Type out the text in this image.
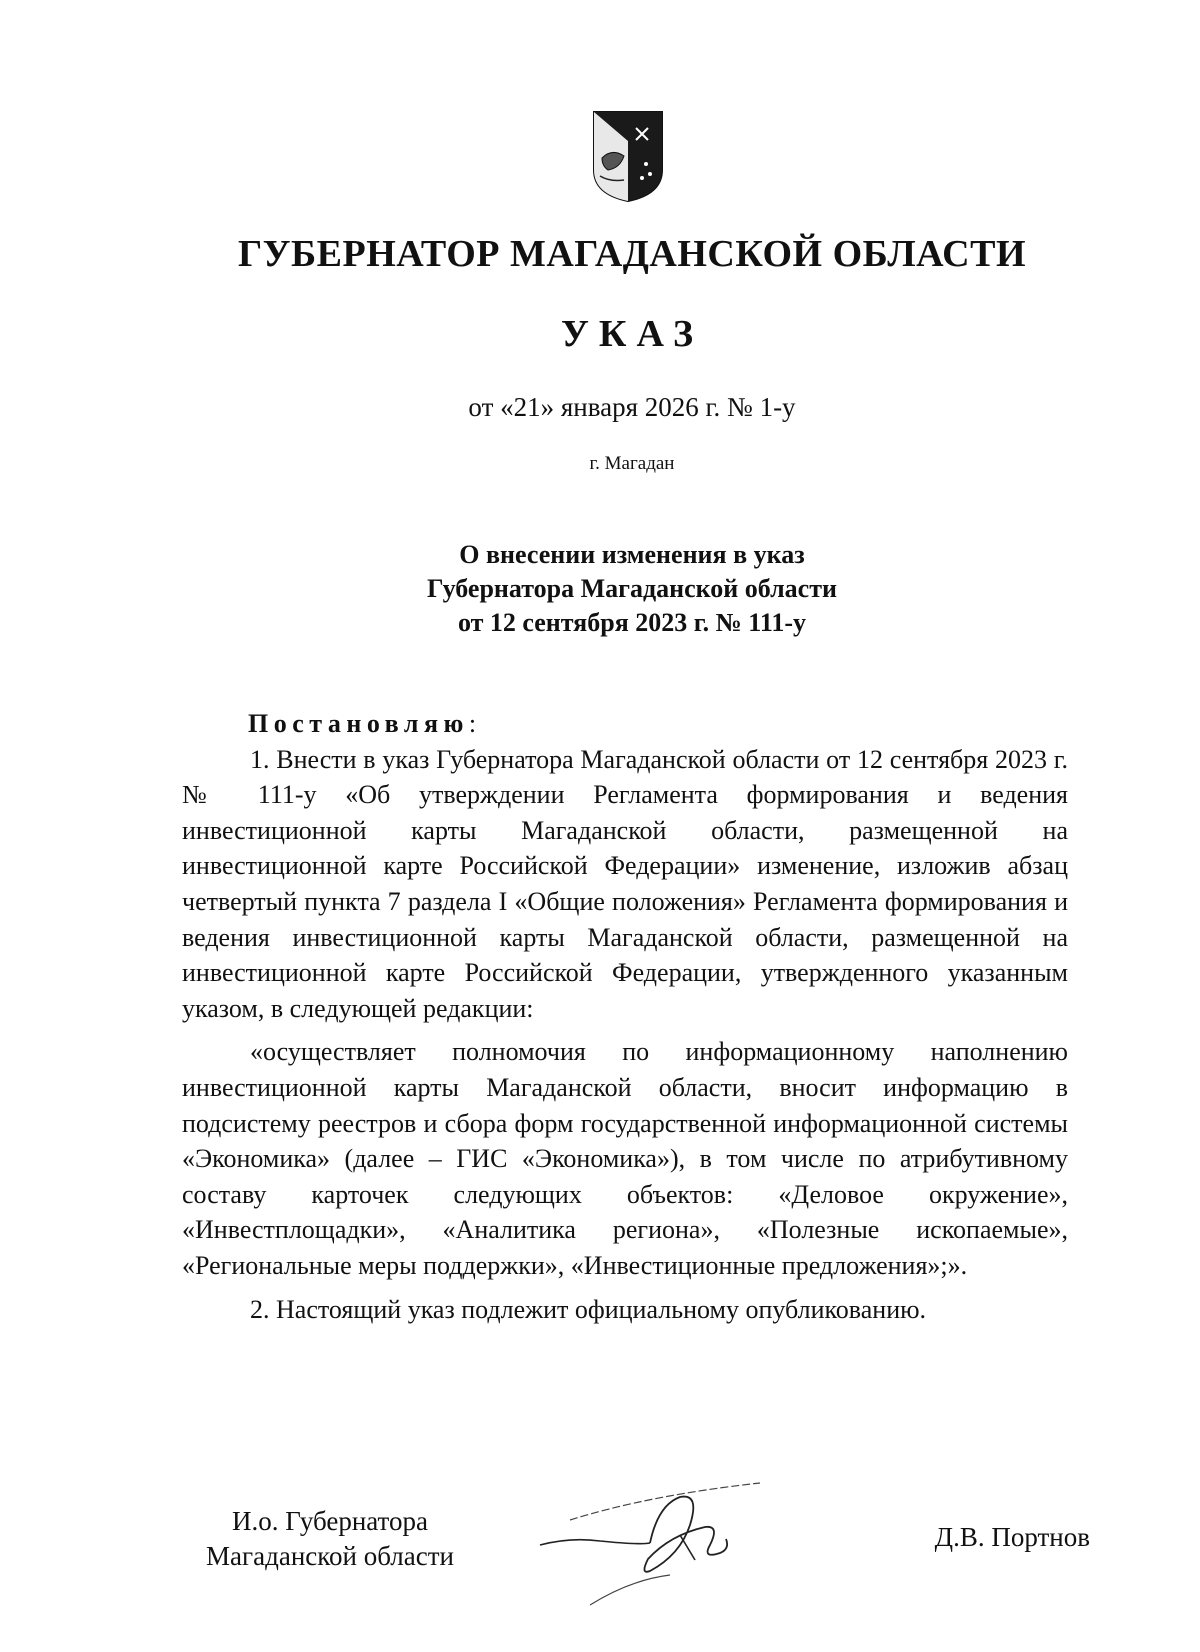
ГУБЕРНАТОР МАГАДАНСКОЙ ОБЛАСТИ
УКАЗ
от «21» января 2026 г. № 1-у
г. Магадан
О внесении изменения в указ
Губернатора Магаданской области
от 12 сентября 2023 г. № 111-у
Постановляю:

1. Внести в указ Губернатора Магаданской области от 12 сентября 2023 г. № 111-у «Об утверждении Регламента формирования и ведения инвестиционной карты Магаданской области, размещенной на инвестиционной карте Российской Федерации» изменение, изложив абзац четвертый пункта 7 раздела I «Общие положения» Регламента формирования и ведения инвестиционной карты Магаданской области, размещенной на инвестиционной карте Российской Федерации, утвержденного указанным указом, в следующей редакции:

«осуществляет полномочия по информационному наполнению инвестиционной карты Магаданской области, вносит информацию в подсистему реестров и сбора форм государственной информационной системы «Экономика» (далее – ГИС «Экономика»), в том числе по атрибутивному составу карточек следующих объектов: «Деловое окружение», «Инвестплощадки», «Аналитика региона», «Полезные ископаемые», «Региональные меры поддержки», «Инвестиционные предложения»;».

2. Настоящий указ подлежит официальному опубликованию.

И.о. Губернатора
Магаданской области
Д.В. Портнов
